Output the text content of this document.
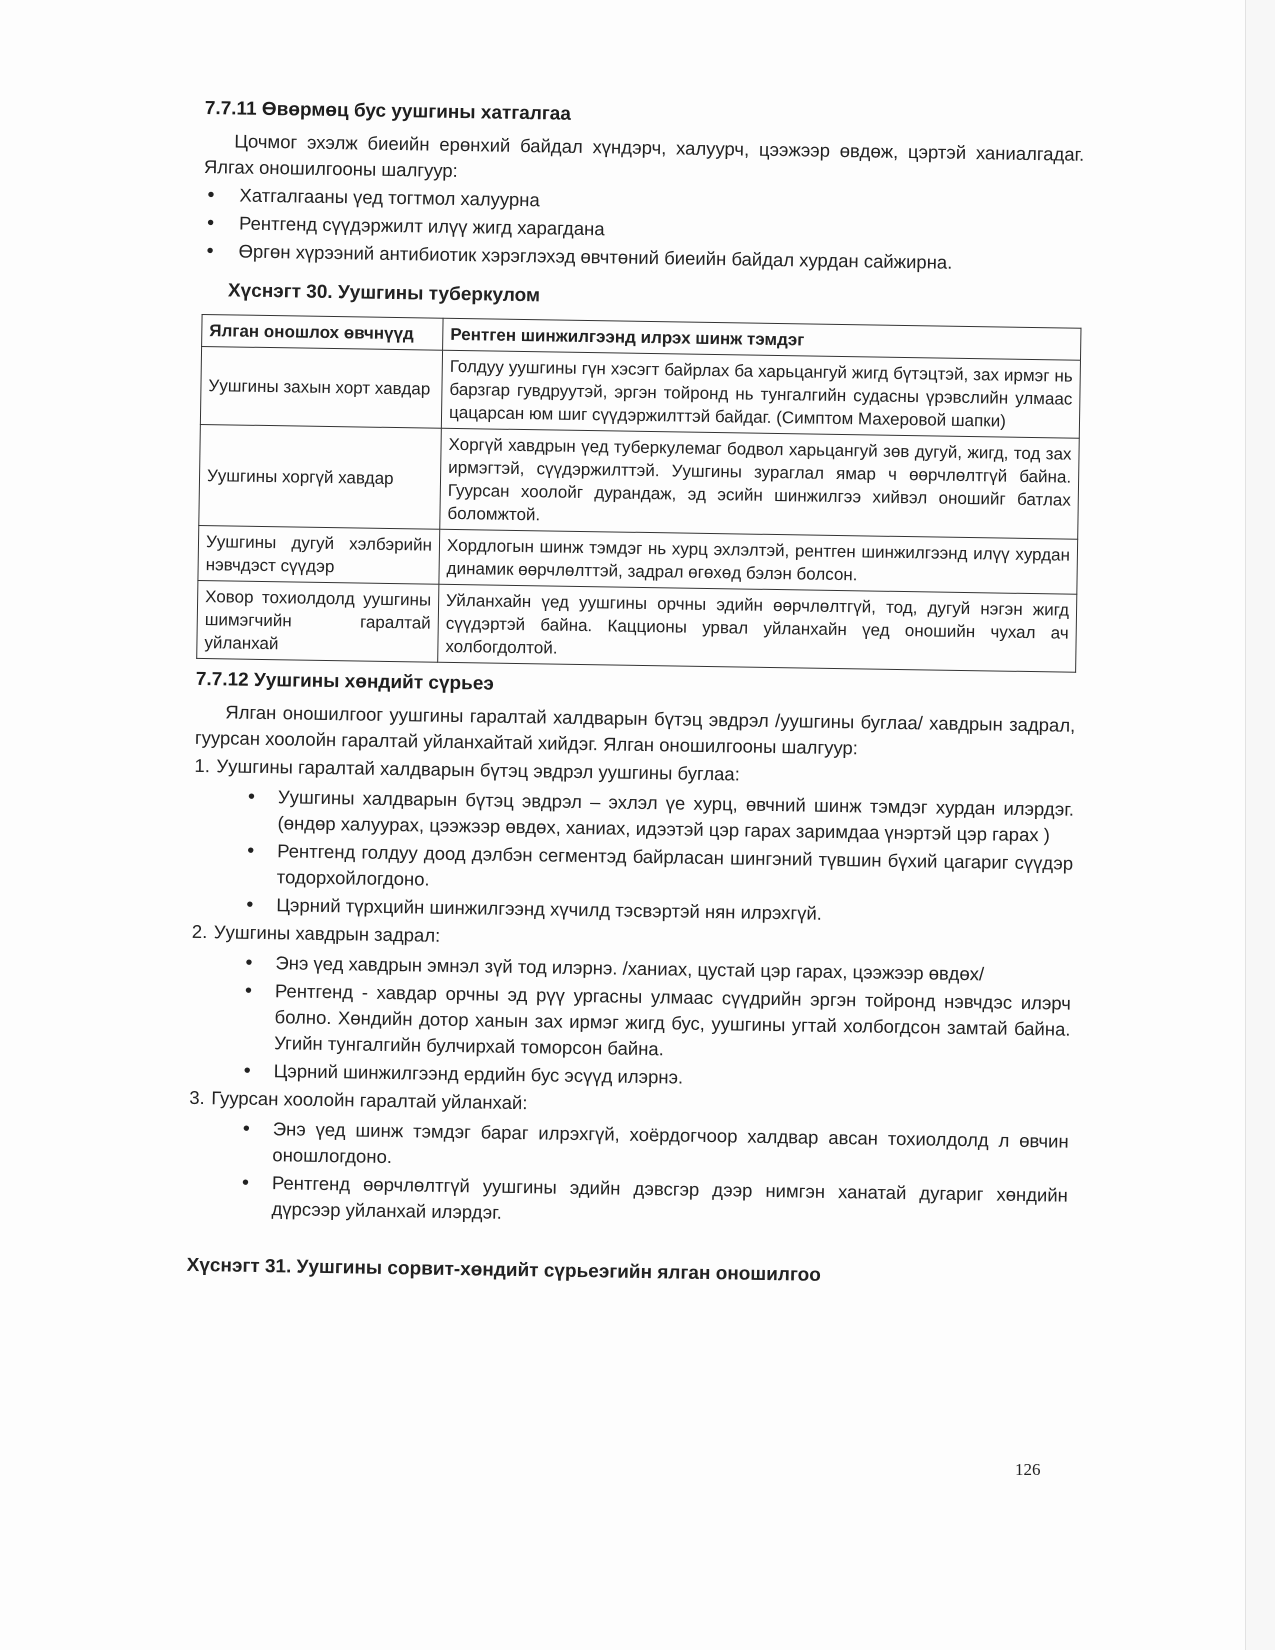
7.7.11 Өвөрмөц бус уушгины хатгалгаа

Цочмог эхэлж биеийн ерөнхий байдал хүндэрч, халуурч, цээжээр өвдөж, цэртэй ханиалгадаг. Ялгах оношилгооны шалгуур:

• Хатгалгааны үед тогтмол халуурна
• Рентгенд сүүдэржилт илүү жигд харагдана
• Өргөн хүрээний антибиотик хэрэглэхэд өвчтөний биеийн байдал хурдан сайжирна.
Хүснэгт 30. Уушгины туберкулом
Ялган оношлох өвчнүүд	Рентген шинжилгээнд илрэх шинж тэмдэг
Уушгины захын хорт хавдар	Голдуу уушгины гүн хэсэгт байрлах ба харьцангуй жигд бүтэцтэй, зах ирмэг нь барзгар гувдруутэй, эргэн тойронд нь тунгалгийн судасны үрэвслийн улмаас цацарсан юм шиг сүүдэржилттэй байдаг. (Симптом Махеровой шапки)
Уушгины хоргүй хавдар	Хоргүй хавдрын үед туберкулемаг бодвол харьцангуй зөв дугуй, жигд, тод зах ирмэгтэй, сүүдэржилттэй. Уушгины зураглал ямар ч өөрчлөлтгүй байна. Гуурсан хоолойг дурандаж, эд эсийн шинжилгээ хийвэл оношийг батлах боломжтой.
Уушгины дугуй хэлбэрийн нэвчдэст сүүдэр	Хордлогын шинж тэмдэг нь хурц эхлэлтэй, рентген шинжилгээнд илүү хурдан динамик өөрчлөлттэй, задрал өгөхөд бэлэн болсон.
Ховор тохиолдолд уушгины шимэгчийн гаралтай уйланхай	Уйланхайн үед уушгины орчны эдийн өөрчлөлтгүй, тод, дугуй нэгэн жигд сүүдэртэй байна. Кацционы урвал уйланхайн үед оношийн чухал ач холбогдолтой.
7.7.12 Уушгины хөндийт сүрьеэ

Ялган оношилгоог уушгины гаралтай халдварын бүтэц эвдрэл /уушгины буглаа/ хавдрын задрал, гуурсан хоолойн гаралтай уйланхайтай хийдэг. Ялган оношилгооны шалгуур:

1. Уушгины гаралтай халдварын бүтэц эвдрэл уушгины буглаа:
• Уушгины халдварын бүтэц эвдрэл – эхлэл үе хурц, өвчний шинж тэмдэг хурдан илэрдэг. (өндөр халуурах, цээжээр өвдөх, ханиах, идээтэй цэр гарах заримдаа үнэртэй цэр гарах )
• Рентгенд голдуу доод дэлбэн сегментэд байрласан шингэний түвшин бүхий цагариг сүүдэр тодорхойлогдоно.
• Цэрний түрхцийн шинжилгээнд хүчилд тэсвэртэй нян илрэхгүй.
2. Уушгины хавдрын задрал:
• Энэ үед хавдрын эмнэл зүй тод илэрнэ. /ханиах, цустай цэр гарах, цээжээр өвдөх/
• Рентгенд - хавдар орчны эд рүү ургасны улмаас сүүдрийн эргэн тойронд нэвчдэс илэрч болно. Хөндийн дотор ханын зах ирмэг жигд бус, уушгины угтай холбогдсон замтай байна. Угийн тунгалгийн булчирхай томорсон байна.
• Цэрний шинжилгээнд ердийн бус эсүүд илэрнэ.
3. Гуурсан хоолойн гаралтай уйланхай:
• Энэ үед шинж тэмдэг бараг илрэхгүй, хоёрдогчоор халдвар авсан тохиолдолд л өвчин оношлогдоно.
• Рентгенд өөрчлөлтгүй уушгины эдийн дэвсгэр дээр нимгэн ханатай дугариг хөндийн дүрсээр уйланхай илэрдэг.
Хүснэгт 31. Уушгины сорвит-хөндийт сүрьеэгийн ялган оношилгоо
126
